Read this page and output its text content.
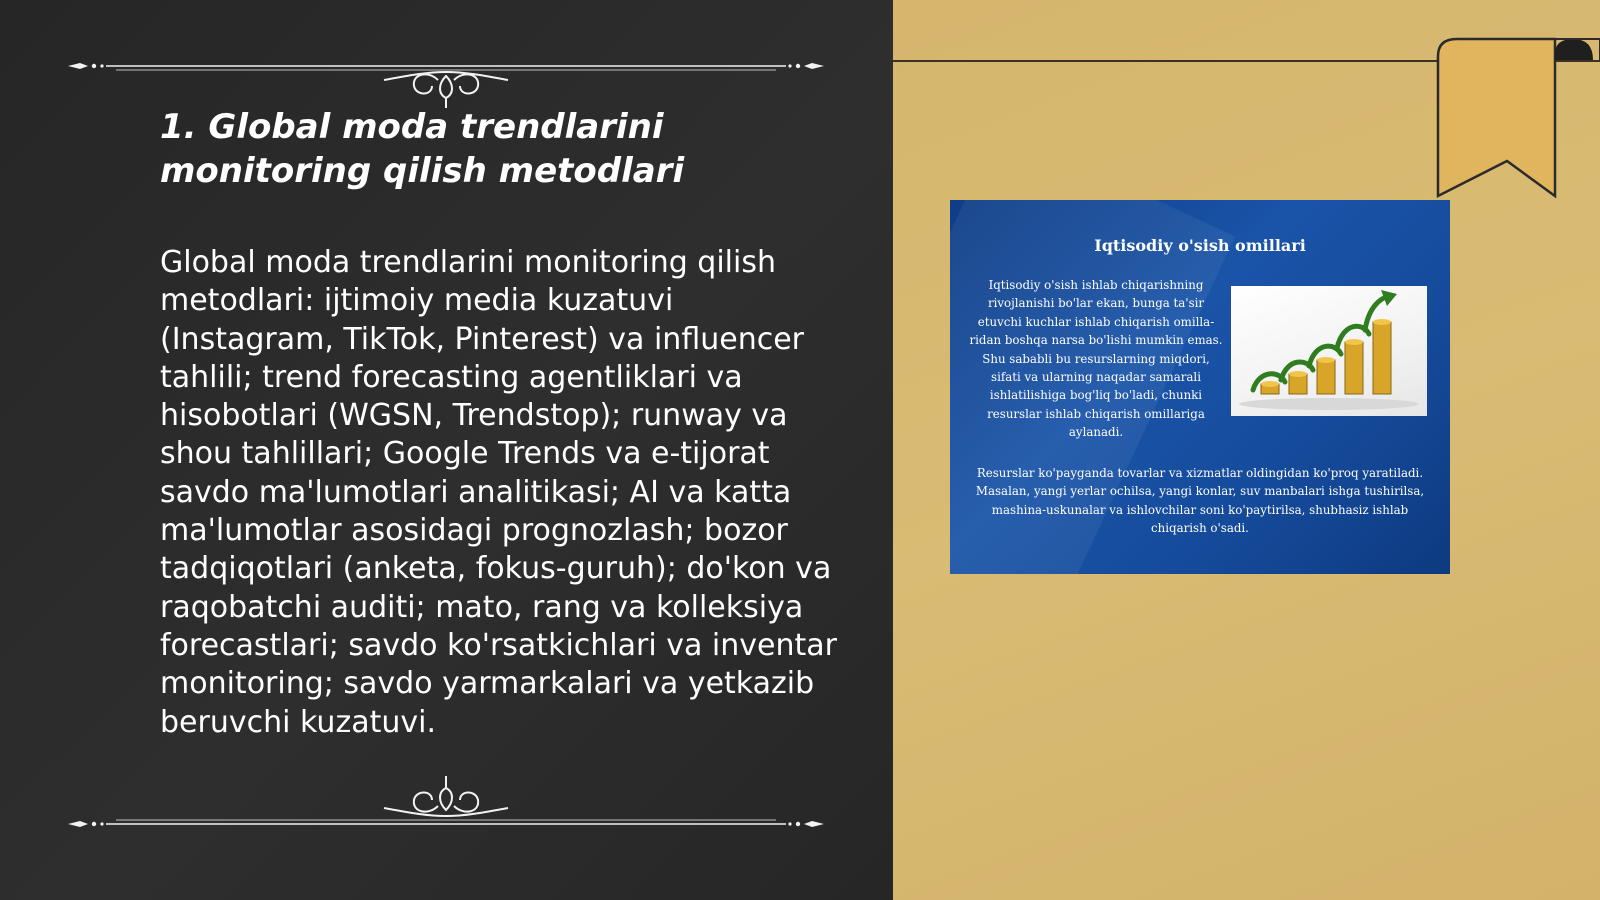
1. Global moda trendlarini monitoring qilish metodlari

Global moda trendlarini monitoring qilish metodlari: ijtimoiy media kuzatuvi (Instagram, TikTok, Pinterest) va influencer tahlili; trend forecasting agentliklari va hisobotlari (WGSN, Trendstop); runway va shou tahlillari; Google Trends va e-tijorat savdo ma'lumotlari analitikasi; AI va katta ma'lumotlar asosidagi prognozlash; bozor tadqiqotlari (anketa, fokus-guruh); do'kon va raqobatchi auditi; mato, rang va kolleksiya forecastlari; savdo ko'rsatkichlari va inventar monitoring; savdo yarmarkalari va yetkazib beruvchi kuzatuvi.

Iqtisodiy o'sish omillari
Iqtisodiy o'sish ishlab chiqarishning rivojlanishi bo'lar ekan, bunga ta'sir etuvchi kuchlar ishlab chiqarish omilla-ridan boshqa narsa bo'lishi mumkin emas. Shu sababli bu resurslarning miqdori, sifati va ularning naqadar samarali ishlatilishiga bog'liq bo'ladi, chunki resurslar ishlab chiqarish omillariga aylanadi.
Resurslar ko'payganda tovarlar va xizmatlar oldingidan ko'proq yaratiladi. Masalan, yangi yerlar ochilsa, yangi konlar, suv manbalari ishga tushirilsa, mashina-uskunalar va ishlovchilar soni ko'paytirilsa, shubhasiz ishlab chiqarish o'sadi.
